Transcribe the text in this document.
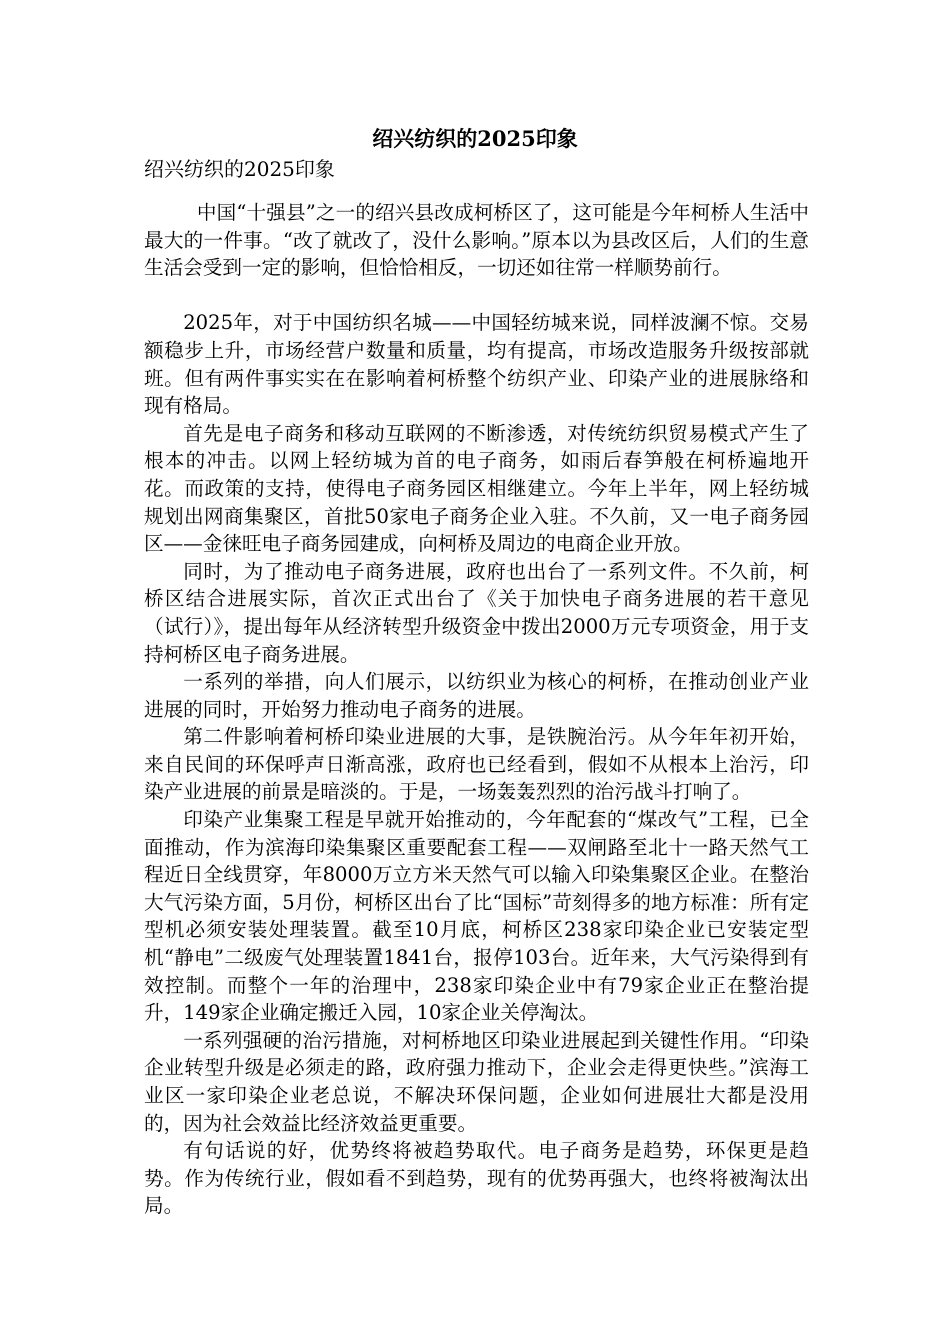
绍兴纺织的2025印象
绍兴纺织的2025印象

中国“十强县”之一的绍兴县改成柯桥区了，这可能是今年柯桥人生活中最大的一件事。“改了就改了，没什么影响。”原本以为县改区后，人们的生意生活会受到一定的影响，但恰恰相反，一切还如往常一样顺势前行。

2025年，对于中国纺织名城——中国轻纺城来说，同样波澜不惊。交易额稳步上升，市场经营户数量和质量，均有提高，市场改造服务升级按部就班。但有两件事实实在在影响着柯桥整个纺织产业、印染产业的进展脉络和现有格局。

首先是电子商务和移动互联网的不断渗透，对传统纺织贸易模式产生了根本的冲击。以网上轻纺城为首的电子商务，如雨后春笋般在柯桥遍地开花。而政策的支持，使得电子商务园区相继建立。今年上半年，网上轻纺城规划出网商集聚区，首批50家电子商务企业入驻。不久前，又一电子商务园区——金徕旺电子商务园建成，向柯桥及周边的电商企业开放。

同时，为了推动电子商务进展，政府也出台了一系列文件。不久前，柯桥区结合进展实际，首次正式出台了《关于加快电子商务进展的若干意见（试行）》，提出每年从经济转型升级资金中拨出2000万元专项资金，用于支持柯桥区电子商务进展。

一系列的举措，向人们展示，以纺织业为核心的柯桥，在推动创业产业进展的同时，开始努力推动电子商务的进展。

第二件影响着柯桥印染业进展的大事，是铁腕治污。从今年年初开始，来自民间的环保呼声日渐高涨，政府也已经看到，假如不从根本上治污，印染产业进展的前景是暗淡的。于是，一场轰轰烈烈的治污战斗打响了。

印染产业集聚工程是早就开始推动的，今年配套的“煤改气”工程，已全面推动，作为滨海印染集聚区重要配套工程——双闸路至北十一路天然气工程近日全线贯穿，年8000万立方米天然气可以输入印染集聚区企业。在整治大气污染方面，5月份，柯桥区出台了比“国标”苛刻得多的地方标准：所有定型机必须安装处理装置。截至10月底，柯桥区238家印染企业已安装定型机“静电”二级废气处理装置1841台，报停103台。近年来，大气污染得到有效控制。而整个一年的治理中，238家印染企业中有79家企业正在整治提升，149家企业确定搬迁入园，10家企业关停淘汰。

一系列强硬的治污措施，对柯桥地区印染业进展起到关键性作用。“印染企业转型升级是必须走的路，政府强力推动下，企业会走得更快些。”滨海工业区一家印染企业老总说，不解决环保问题，企业如何进展壮大都是没用的，因为社会效益比经济效益更重要。

有句话说的好，优势终将被趋势取代。电子商务是趋势，环保更是趋势。作为传统行业，假如看不到趋势，现有的优势再强大，也终将被淘汰出局。
